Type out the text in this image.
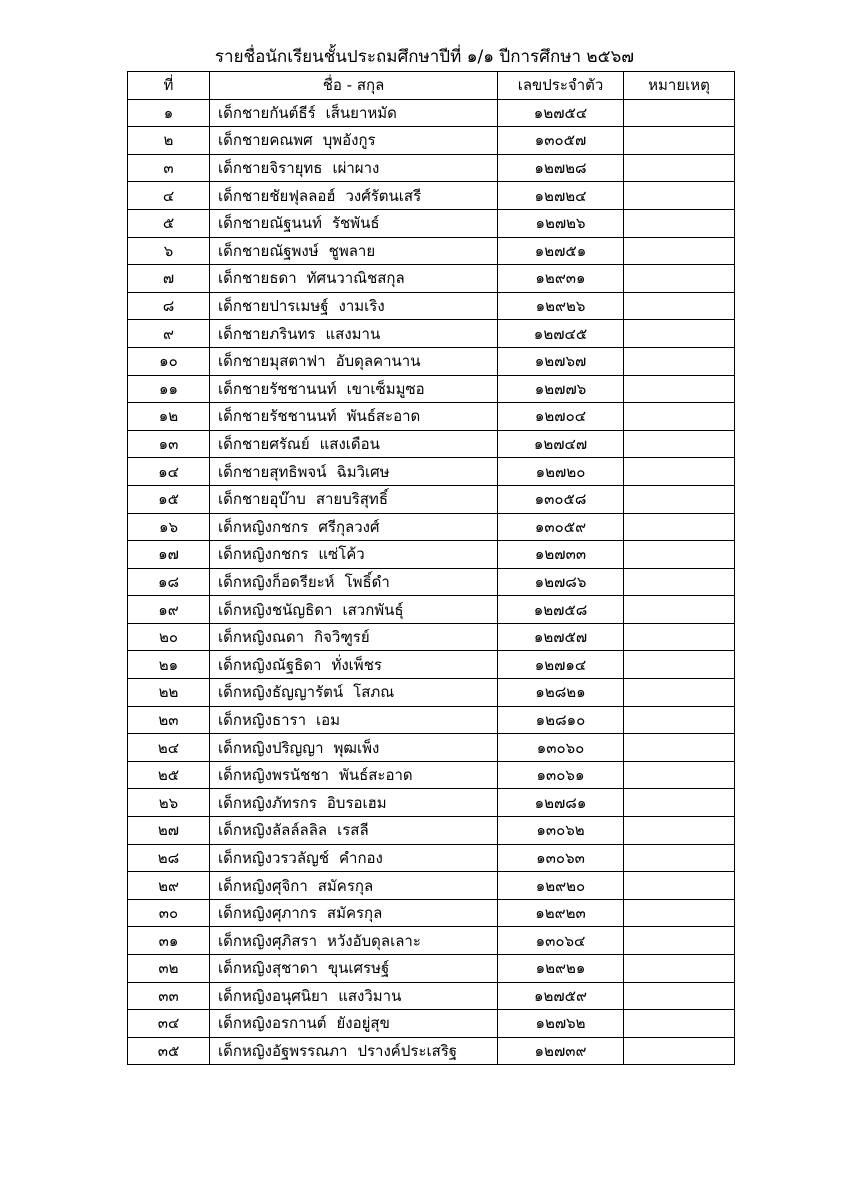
รายชื่อนักเรียนชั้นประถมศึกษาปีที่ ๑/๑ ปีการศึกษา ๒๕๖๗
ที่	ชื่อ - สกุล	เลขประจำตัว	หมายเหตุ
๑	เด็กชายกันต์ธีร์ เส็นยาหมัด	๑๒๗๕๔	
๒	เด็กชายคณพศ บุพอังกูร	๑๓๐๕๗	
๓	เด็กชายจิรายุทธ เผ่าผาง	๑๒๗๒๘	
๔	เด็กชายชัยฟุลลอฮ์ วงศ์รัตนเสรี	๑๒๗๒๔	
๕	เด็กชายณัฐนนท์ รัชพันธ์	๑๒๗๒๖	
๖	เด็กชายณัฐพงษ์ ชูพลาย	๑๒๗๕๑	
๗	เด็กชายธดา ทัศนวาณิชสกุล	๑๒๙๓๑	
๘	เด็กชายปารเมษฐ์ งามเริง	๑๒๙๒๖	
๙	เด็กชายภรินทร แสงมาน	๑๒๗๔๕	
๑๐	เด็กชายมุสตาฟา อับดุลคานาน	๑๒๗๖๗	
๑๑	เด็กชายรัชชานนท์ เขาเซ็มมูซอ	๑๒๗๗๖	
๑๒	เด็กชายรัชชานนท์ พันธ์สะอาด	๑๒๗๐๔	
๑๓	เด็กชายศรัณย์ แสงเดือน	๑๒๗๔๗	
๑๔	เด็กชายสุทธิพจน์ ฉิมวิเศษ	๑๒๗๒๐	
๑๕	เด็กชายอุบ๊าบ สายบริสุทธิ์	๑๓๐๕๘	
๑๖	เด็กหญิงกชกร ศรีกุลวงศ์	๑๓๐๕๙	
๑๗	เด็กหญิงกชกร แซ่โค้ว	๑๒๗๓๓	
๑๘	เด็กหญิงก็อดรียะห์ โพธิ์ดำ	๑๒๗๘๖	
๑๙	เด็กหญิงชนัญธิดา เสวกพันธุ์	๑๒๗๕๘	
๒๐	เด็กหญิงณดา กิจวิฑูรย์	๑๒๗๕๗	
๒๑	เด็กหญิงณัฐธิดา ทั่งเพ็ชร	๑๒๗๑๔	
๒๒	เด็กหญิงธัญญารัตน์ โสภณ	๑๒๘๒๑	
๒๓	เด็กหญิงธารา เอม	๑๒๘๑๐	
๒๔	เด็กหญิงปริญญา พุฒเพ็ง	๑๓๐๖๐	
๒๕	เด็กหญิงพรนัชชา พันธ์สะอาด	๑๓๐๖๑	
๒๖	เด็กหญิงภัทรกร อิบรอเฮม	๑๒๗๘๑	
๒๗	เด็กหญิงลัลล์ลลิล เรสลี	๑๓๐๖๒	
๒๘	เด็กหญิงวรวลัญช์ คำกอง	๑๓๐๖๓	
๒๙	เด็กหญิงศุจิกา สมัครกุล	๑๒๙๒๐	
๓๐	เด็กหญิงศุภากร สมัครกุล	๑๒๙๒๓	
๓๑	เด็กหญิงศุภิสรา หวังอับดุลเลาะ	๑๓๐๖๔	
๓๒	เด็กหญิงสุชาดา ขุนเศรษฐ์	๑๒๙๒๑	
๓๓	เด็กหญิงอนุศนิยา แสงวิมาน	๑๒๗๕๙	
๓๔	เด็กหญิงอรกานต์ ยังอยู่สุข	๑๒๗๖๒	
๓๕	เด็กหญิงอัฐพรรณภา ปรางค์ประเสริฐ	๑๒๗๓๙	
